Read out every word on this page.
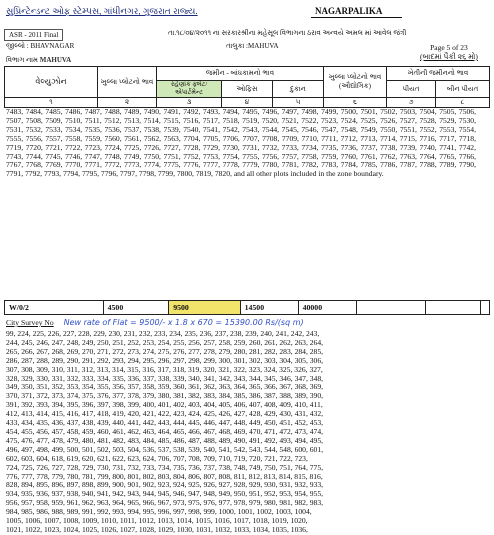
સુપ્રિન્ટેન્ડન્ટ ઓફ સ્ટેમ્પસ, ગાંધીનગર, ગુજરાત રાજ્ય.	NAGARPALIKA
ASR - 2011 Final	તા.૧૮/૦૪/૨૦૧૧ ના સરકારશ્રીના મહેસૂલ વિભાગના ઠરાવ અન્વયે અમલ માં આવેલ જંત્રી
જીલ્લો : BHAVNAGAR	તાલુકા :MAHUVA	Page 5 of 23
(બાદમાં પૈકી ૨૬ મો)
વિભાગ નામ MAHUVA
વેલ્યુઝોન	ખુલ્લા પ્લોટનો ભાવ	જમીન - બાંધકામનો ભાવ			ખુલ્લા પ્લોટનો ભાવ (ઔદ્યોગિક)	ખેતીની જમીનનો ભાવ	
		રહેણાંક ફ્લેટ/ એપાર્ટમેન્ટ	ઓફિસ	દુકાન		પીયત	બીન પીયત
૧	૨	૩	૪	૫	૬	૭	૮
7483, 7484, 7485, 7486, 7487, 7488, 7489, 7490, 7491, 7492, 7493, 7494, 7495, 7496, 7497, 7498, 7499, 7500, 7501, 7502, 7503, 7504, 7505, 7506, 7507, 7508, 7509, 7510, 7511, 7512, 7513, 7514, 7515, 7516, 7517, 7518, 7519, 7520, 7521, 7522, 7523, 7524, 7525, 7526, 7527, 7528, 7529, 7530, 7531, 7532, 7533, 7534, 7535, 7536, 7537, 7538, 7539, 7540, 7541, 7542, 7543, 7544, 7545, 7546, 7547, 7548, 7549, 7550, 7551, 7552, 7553, 7554, 7555, 7556, 7557, 7558, 7559, 7560, 7561, 7562, 7563, 7704, 7705, 7706, 7707, 7708, 7709, 7710, 7711, 7712, 7713, 7714, 7715, 7716, 7717, 7718, 7719, 7720, 7721, 7722, 7723, 7724, 7725, 7726, 7727, 7728, 7729, 7730, 7731, 7732, 7733, 7734, 7735, 7736, 7737, 7738, 7739, 7740, 7741, 7742, 7743, 7744, 7745, 7746, 7747, 7748, 7749, 7750, 7751, 7752, 7753, 7754, 7755, 7756, 7757, 7758, 7759, 7760, 7761, 7762, 7763, 7764, 7765, 7766, 7767, 7768, 7769, 7770, 7771, 7772, 7773, 7774, 7775, 7776, 7777, 7778, 7779, 7780, 7781, 7782, 7783, 7784, 7785, 7786, 7787, 7788, 7789, 7790, 7791, 7792, 7793, 7794, 7795, 7796, 7797, 7798, 7799, 7800, 7819, 7820, and all other plots included in the zone boundary.
W/0/2	4500	9500	14500	40000			
City Survey No New rate of Flat = 9500/- x 1.8 x 670 = 15390.00 Rs/(sq m)
99, 224, 225, 226, 227, 228, 229, 230, 231, 232, 233, 234, 235, 236, 237, 238, 239, 240, 241, 242, 243,
244, 245, 246, 247, 248, 249, 250, 251, 252, 253, 254, 255, 256, 257, 258, 259, 260, 261, 262, 263, 264,
265, 266, 267, 268, 269, 270, 271, 272, 273, 274, 275, 276, 277, 278, 279, 280, 281, 282, 283, 284, 285,
286, 287, 288, 289, 290, 291, 292, 293, 294, 295, 296, 297, 298, 299, 300, 301, 302, 303, 304, 305, 306,
307, 308, 309, 310, 311, 312, 313, 314, 315, 316, 317, 318, 319, 320, 321, 322, 323, 324, 325, 326, 327,
328, 329, 330, 331, 332, 333, 334, 335, 336, 337, 338, 339, 340, 341, 342, 343, 344, 345, 346, 347, 348,
349, 350, 351, 352, 353, 354, 355, 356, 357, 358, 359, 360, 361, 362, 363, 364, 365, 366, 367, 368, 369,
370, 371, 372, 373, 374, 375, 376, 377, 378, 379, 380, 381, 382, 383, 384, 385, 386, 387, 388, 389, 390,
391, 392, 393, 394, 395, 396, 397, 398, 399, 400, 401, 402, 403, 404, 405, 406, 407, 408, 409, 410, 411,
412, 413, 414, 415, 416, 417, 418, 419, 420, 421, 422, 423, 424, 425, 426, 427, 428, 429, 430, 431, 432,
433, 434, 435, 436, 437, 438, 439, 440, 441, 442, 443, 444, 445, 446, 447, 448, 449, 450, 451, 452, 453,
454, 455, 456, 457, 458, 459, 460, 461, 462, 463, 464, 465, 466, 467, 468, 469, 470, 471, 472, 473, 474,
475, 476, 477, 478, 479, 480, 481, 482, 483, 484, 485, 486, 487, 488, 489, 490, 491, 492, 493, 494, 495,
496, 497, 498, 499, 500, 501, 502, 503, 504, 536, 537, 538, 539, 540, 541, 542, 543, 544, 548, 600, 601,
602, 603, 604, 618, 619, 620, 621, 622, 623, 624, 706, 707, 708, 709, 710, 719, 720, 721, 722, 723,
724, 725, 726, 727, 728, 729, 730, 731, 732, 733, 734, 735, 736, 737, 738, 748, 749, 750, 751, 764, 775,
776, 777, 778, 779, 780, 781, 799, 800, 801, 802, 803, 804, 806, 807, 808, 811, 812, 813, 814, 815, 816,
828, 894, 895, 896, 897, 898, 899, 900, 901, 902, 923, 924, 925, 926, 927, 928, 929, 930, 931, 932, 933,
934, 935, 936, 937, 938, 940, 941, 942, 943, 944, 945, 946, 947, 948, 949, 950, 951, 952, 953, 954, 955,
956, 957, 958, 959, 961, 962, 963, 964, 965, 966, 967, 973, 975, 976, 977, 978, 979, 980, 981, 982, 983,
984, 985, 986, 988, 989, 991, 992, 993, 994, 995, 996, 997, 998, 999, 1000, 1001, 1002, 1003, 1004,
1005, 1006, 1007, 1008, 1009, 1010, 1011, 1012, 1013, 1014, 1015, 1016, 1017, 1018, 1019, 1020,
1021, 1022, 1023, 1024, 1025, 1026, 1027, 1028, 1029, 1030, 1031, 1032, 1033, 1034, 1035, 1036,
